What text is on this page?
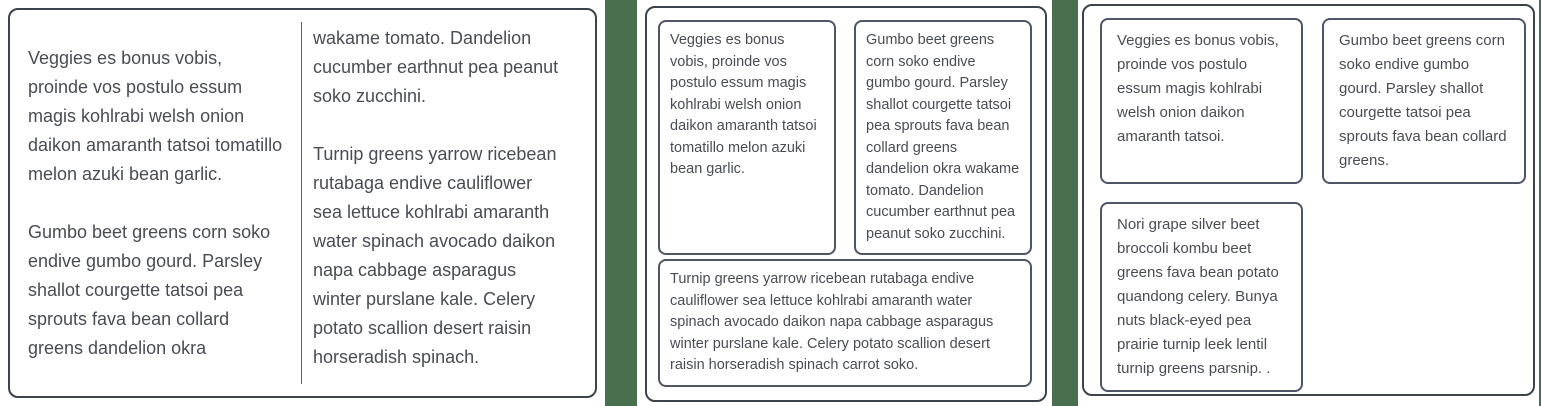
Veggies es bonus vobis, proinde vos postulo essum magis kohlrabi welsh onion daikon amaranth tatsoi tomatillo melon azuki bean garlic.

Gumbo beet greens corn soko endive gumbo gourd. Parsley shallot courgette tatsoi pea sprouts fava bean collard greens dandelion okra

wakame tomato. Dandelion cucumber earthnut pea peanut soko zucchini.

Turnip greens yarrow ricebean rutabaga endive cauliflower sea lettuce kohlrabi amaranth water spinach avocado daikon napa cabbage asparagus winter purslane kale. Celery potato scallion desert raisin horseradish spinach.

Veggies es bonus vobis, proinde vos postulo essum magis kohlrabi welsh onion daikon amaranth tatsoi tomatillo melon azuki bean garlic.
Gumbo beet greens corn soko endive gumbo gourd. Parsley shallot courgette tatsoi pea sprouts fava bean collard greens dandelion okra wakame tomato. Dandelion cucumber earthnut pea peanut soko zucchini.
Turnip greens yarrow ricebean rutabaga endive cauliflower sea lettuce kohlrabi amaranth water spinach avocado daikon napa cabbage asparagus winter purslane kale. Celery potato scallion desert raisin horseradish spinach carrot soko.
Veggies es bonus vobis, proinde vos postulo essum magis kohlrabi welsh onion daikon amaranth tatsoi.
Gumbo beet greens corn soko endive gumbo gourd. Parsley shallot courgette tatsoi pea sprouts fava bean collard greens.
Nori grape silver beet broccoli kombu beet greens fava bean potato quandong celery. Bunya nuts black-eyed pea prairie turnip leek lentil turnip greens parsnip. .
